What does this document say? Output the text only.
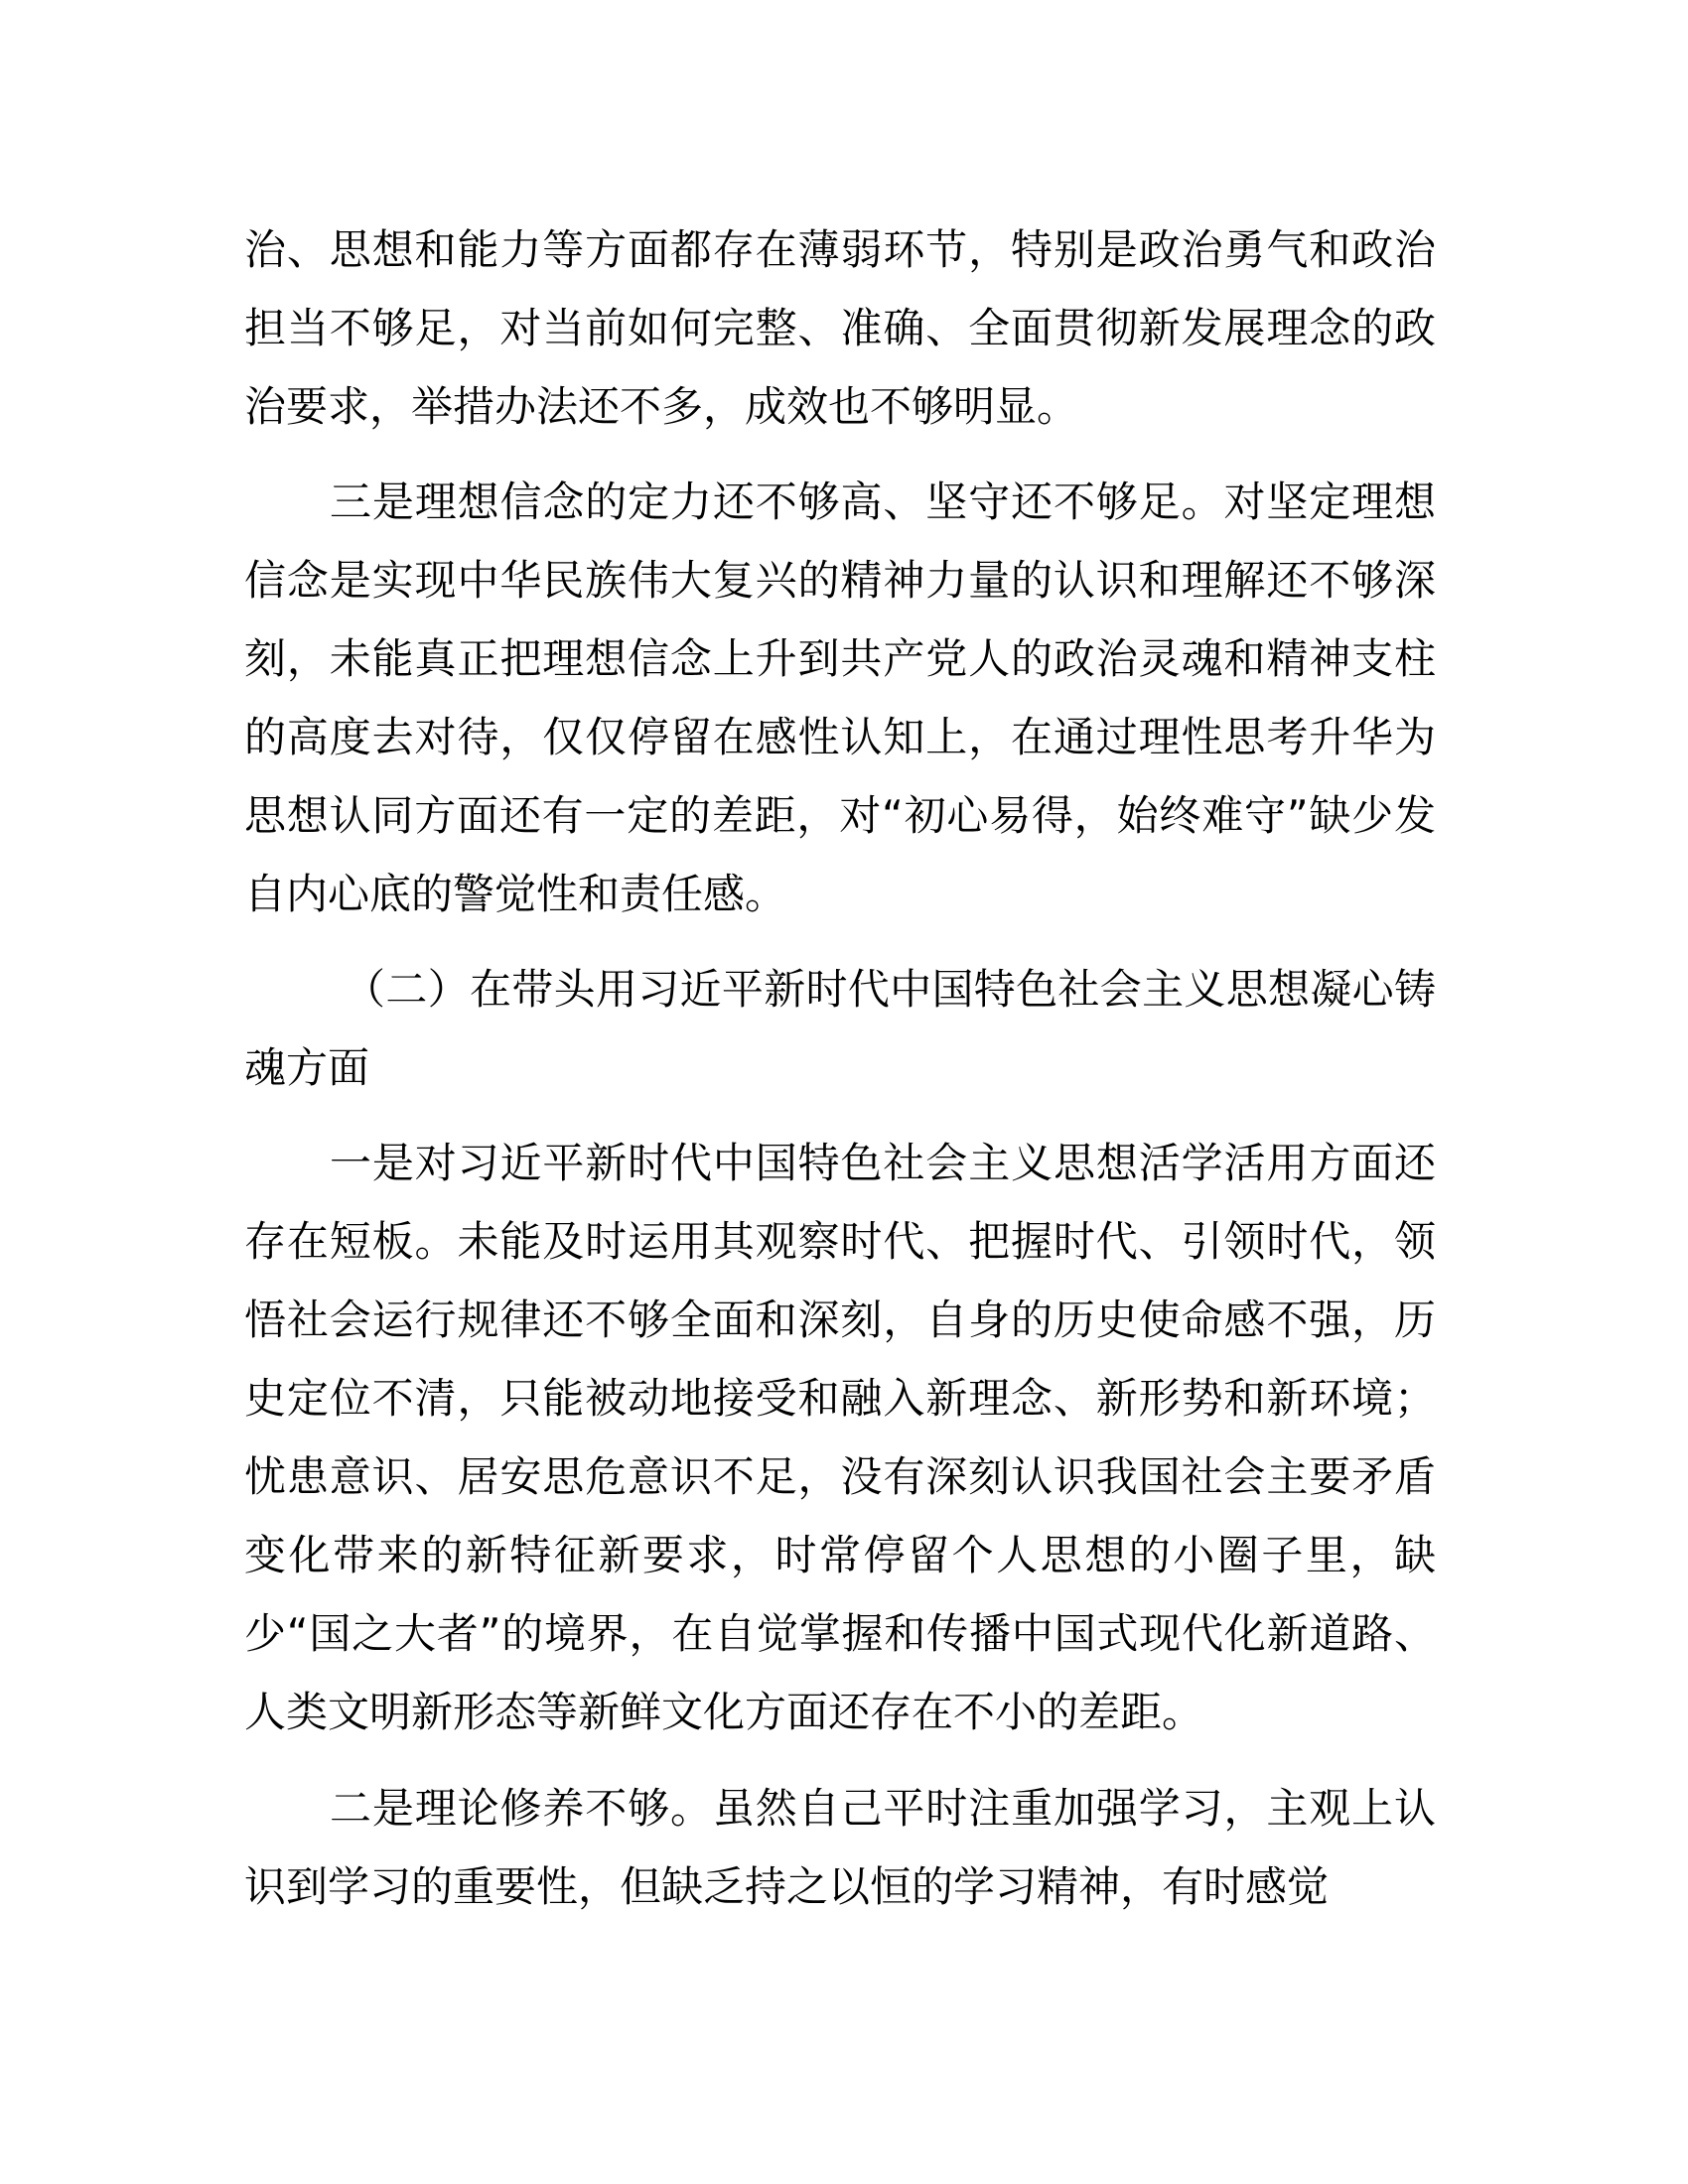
治、思想和能力等方面都存在薄弱环节，特别是政治勇气和政治担当不够足，对当前如何完整、准确、全面贯彻新发展理念的政治要求，举措办法还不多，成效也不够明显。

三是理想信念的定力还不够高、坚守还不够足。对坚定理想信念是实现中华民族伟大复兴的精神力量的认识和理解还不够深刻，未能真正把理想信念上升到共产党人的政治灵魂和精神支柱的高度去对待，仅仅停留在感性认知上，在通过理性思考升华为思想认同方面还有一定的差距，对“初心易得，始终难守”缺少发自内心底的警觉性和责任感。

（二）在带头用习近平新时代中国特色社会主义思想凝心铸魂方面

一是对习近平新时代中国特色社会主义思想活学活用方面还存在短板。未能及时运用其观察时代、把握时代、引领时代，领悟社会运行规律还不够全面和深刻，自身的历史使命感不强，历史定位不清，只能被动地接受和融入新理念、新形势和新环境；忧患意识、居安思危意识不足，没有深刻认识我国社会主要矛盾变化带来的新特征新要求，时常停留个人思想的小圈子里，缺少“国之大者”的境界，在自觉掌握和传播中国式现代化新道路、人类文明新形态等新鲜文化方面还存在不小的差距。

二是理论修养不够。虽然自己平时注重加强学习，主观上认识到学习的重要性，但缺乏持之以恒的学习精神，有时感觉
